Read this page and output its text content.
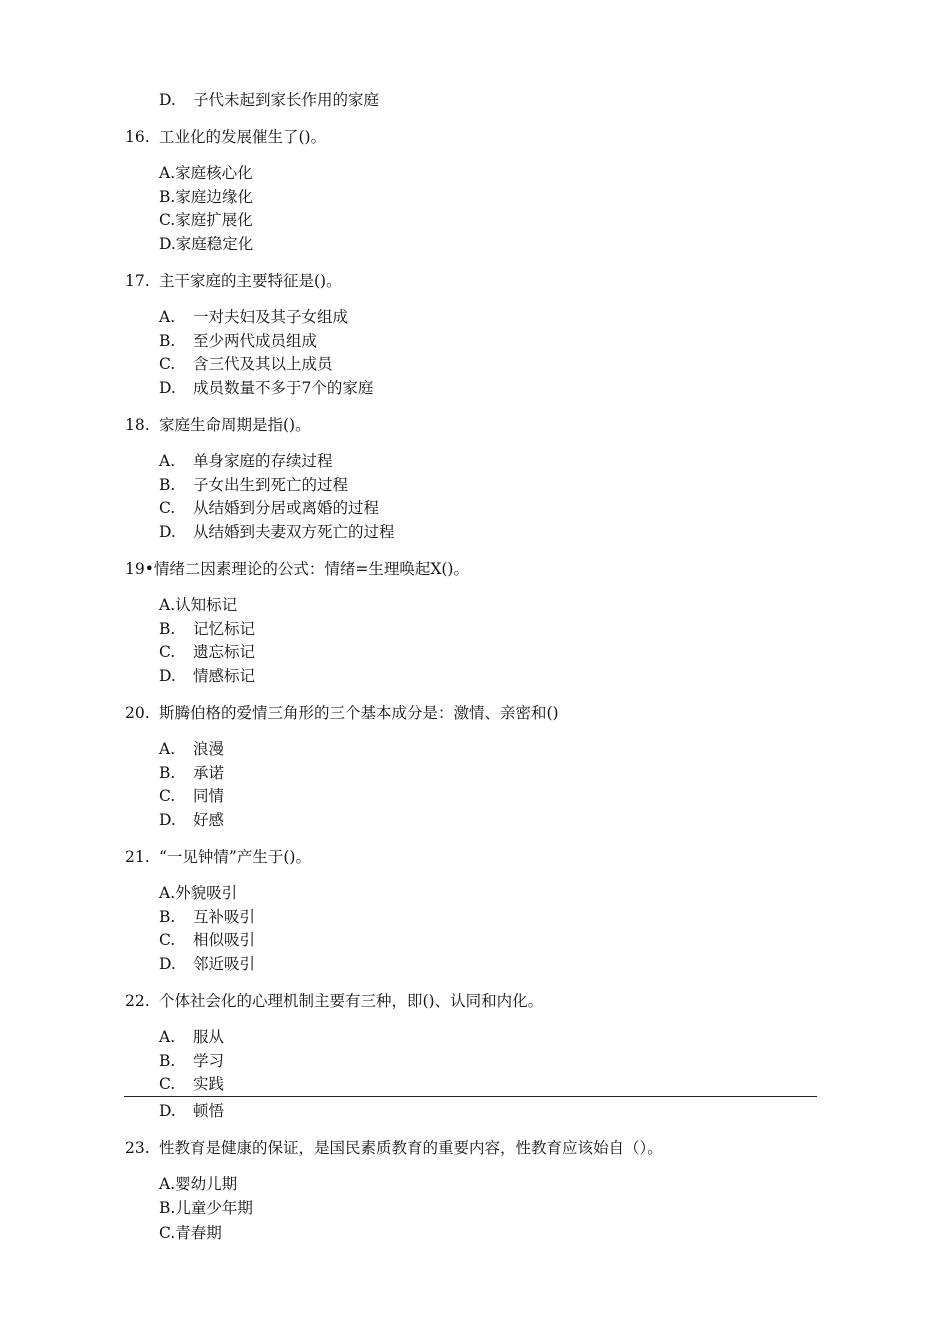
D. 子代未起到家长作用的家庭
16. 工业化的发展催生了()。
A.家庭核心化
B.家庭边缘化
C.家庭扩展化
D.家庭稳定化
17. 主干家庭的主要特征是()。
A. 一对夫妇及其子女组成
B. 至少两代成员组成
C. 含三代及其以上成员
D. 成员数量不多于7个的家庭
18. 家庭生命周期是指()。
A. 单身家庭的存续过程
B. 子女出生到死亡的过程
C. 从结婚到分居或离婚的过程
D. 从结婚到夫妻双方死亡的过程
19•情绪二因素理论的公式：情绪=生理唤起Ⅹ()。
A.认知标记
B. 记忆标记
C. 遗忘标记
D. 情感标记
20. 斯腾伯格的爱情三角形的三个基本成分是：激情、亲密和()
A. 浪漫
B. 承诺
C. 同情
D. 好感
21. “一见钟情”产生于()。
A.外貌吸引
B. 互补吸引
C. 相似吸引
D. 邻近吸引
22. 个体社会化的心理机制主要有三种，即()、认同和内化。
A. 服从
B. 学习
C. 实践
D. 顿悟
23. 性教育是健康的保证，是国民素质教育的重要内容，性教育应该始自（）。
A.婴幼儿期
B.儿童少年期
C.青春期
